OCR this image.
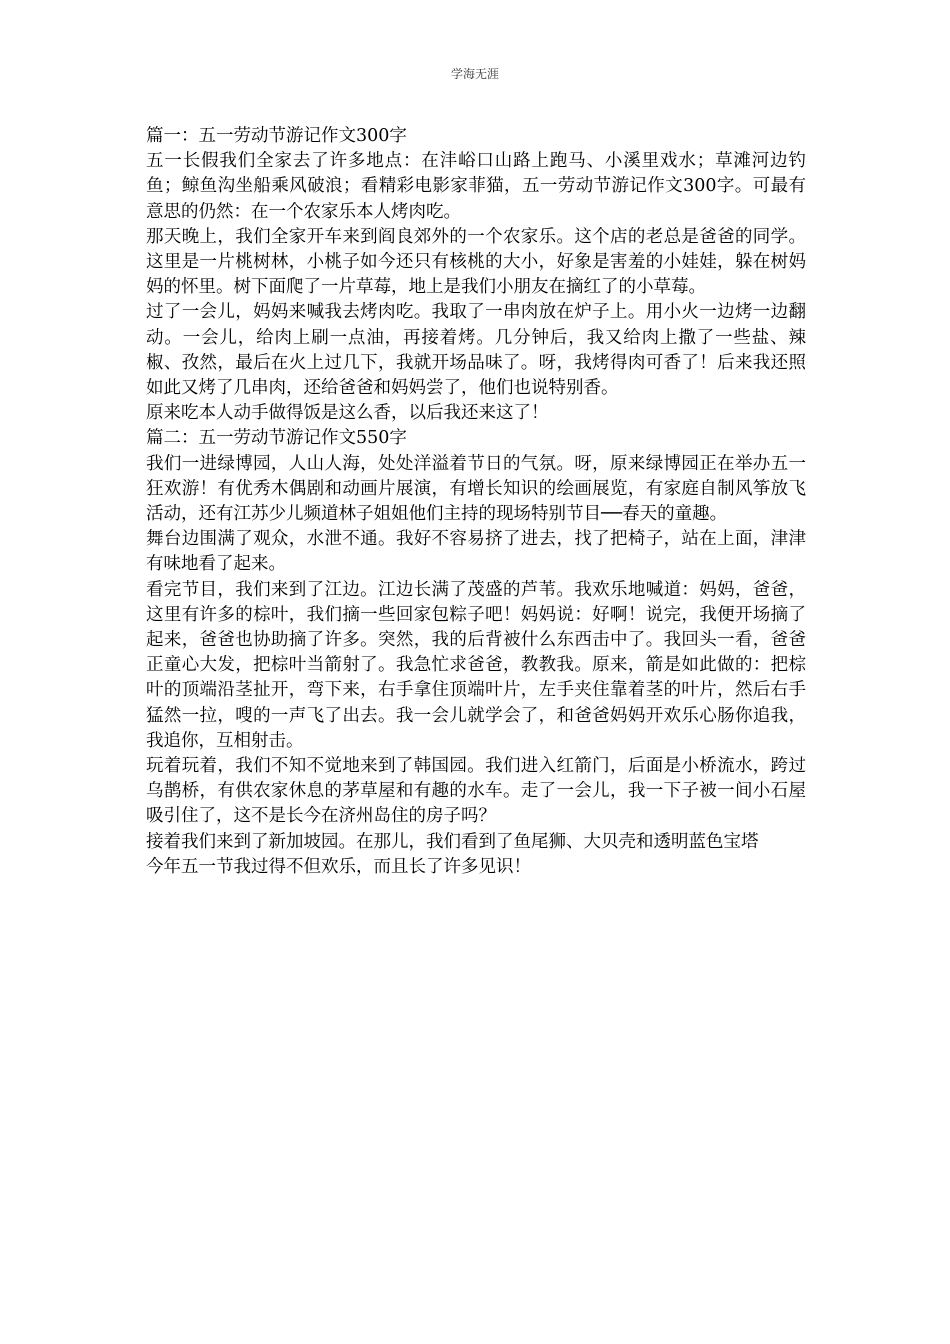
学海无涯

篇一：五一劳动节游记作文300字

五一长假我们全家去了许多地点：在沣峪口山路上跑马、小溪里戏水；草滩河边钓鱼；鲸鱼沟坐船乘风破浪；看精彩电影家菲猫，五一劳动节游记作文300字。可最有意思的仍然：在一个农家乐本人烤肉吃。

那天晚上，我们全家开车来到阎良郊外的一个农家乐。这个店的老总是爸爸的同学。这里是一片桃树林，小桃子如今还只有核桃的大小，好象是害羞的小娃娃，躲在树妈妈的怀里。树下面爬了一片草莓，地上是我们小朋友在摘红了的小草莓。

过了一会儿，妈妈来喊我去烤肉吃。我取了一串肉放在炉子上。用小火一边烤一边翻动。一会儿，给肉上刷一点油，再接着烤。几分钟后，我又给肉上撒了一些盐、辣椒、孜然，最后在火上过几下，我就开场品味了。呀，我烤得肉可香了！后来我还照如此又烤了几串肉，还给爸爸和妈妈尝了，他们也说特别香。

原来吃本人动手做得饭是这么香，以后我还来这了！

篇二：五一劳动节游记作文550字

我们一进绿博园，人山人海，处处洋溢着节日的气氛。呀，原来绿博园正在举办五一狂欢游！有优秀木偶剧和动画片展演，有增长知识的绘画展览，有家庭自制风筝放飞活动，还有江苏少儿频道林子姐姐他们主持的现场特别节目──春天的童趣。

舞台边围满了观众，水泄不通。我好不容易挤了进去，找了把椅子，站在上面，津津有味地看了起来。

看完节目，我们来到了江边。江边长满了茂盛的芦苇。我欢乐地喊道：妈妈，爸爸，这里有许多的棕叶，我们摘一些回家包粽子吧！妈妈说：好啊！说完，我便开场摘了起来，爸爸也协助摘了许多。突然，我的后背被什么东西击中了。我回头一看，爸爸正童心大发，把棕叶当箭射了。我急忙求爸爸，教教我。原来，箭是如此做的：把棕叶的顶端沿茎扯开，弯下来，右手拿住顶端叶片，左手夹住靠着茎的叶片，然后右手猛然一拉，嗖的一声飞了出去。我一会儿就学会了，和爸爸妈妈开欢乐心肠你追我，我追你，互相射击。

玩着玩着，我们不知不觉地来到了韩国园。我们进入红箭门，后面是小桥流水，跨过乌鹊桥，有供农家休息的茅草屋和有趣的水车。走了一会儿，我一下子被一间小石屋吸引住了，这不是长今在济州岛住的房子吗？

接着我们来到了新加坡园。在那儿，我们看到了鱼尾狮、大贝壳和透明蓝色宝塔

今年五一节我过得不但欢乐，而且长了许多见识！
